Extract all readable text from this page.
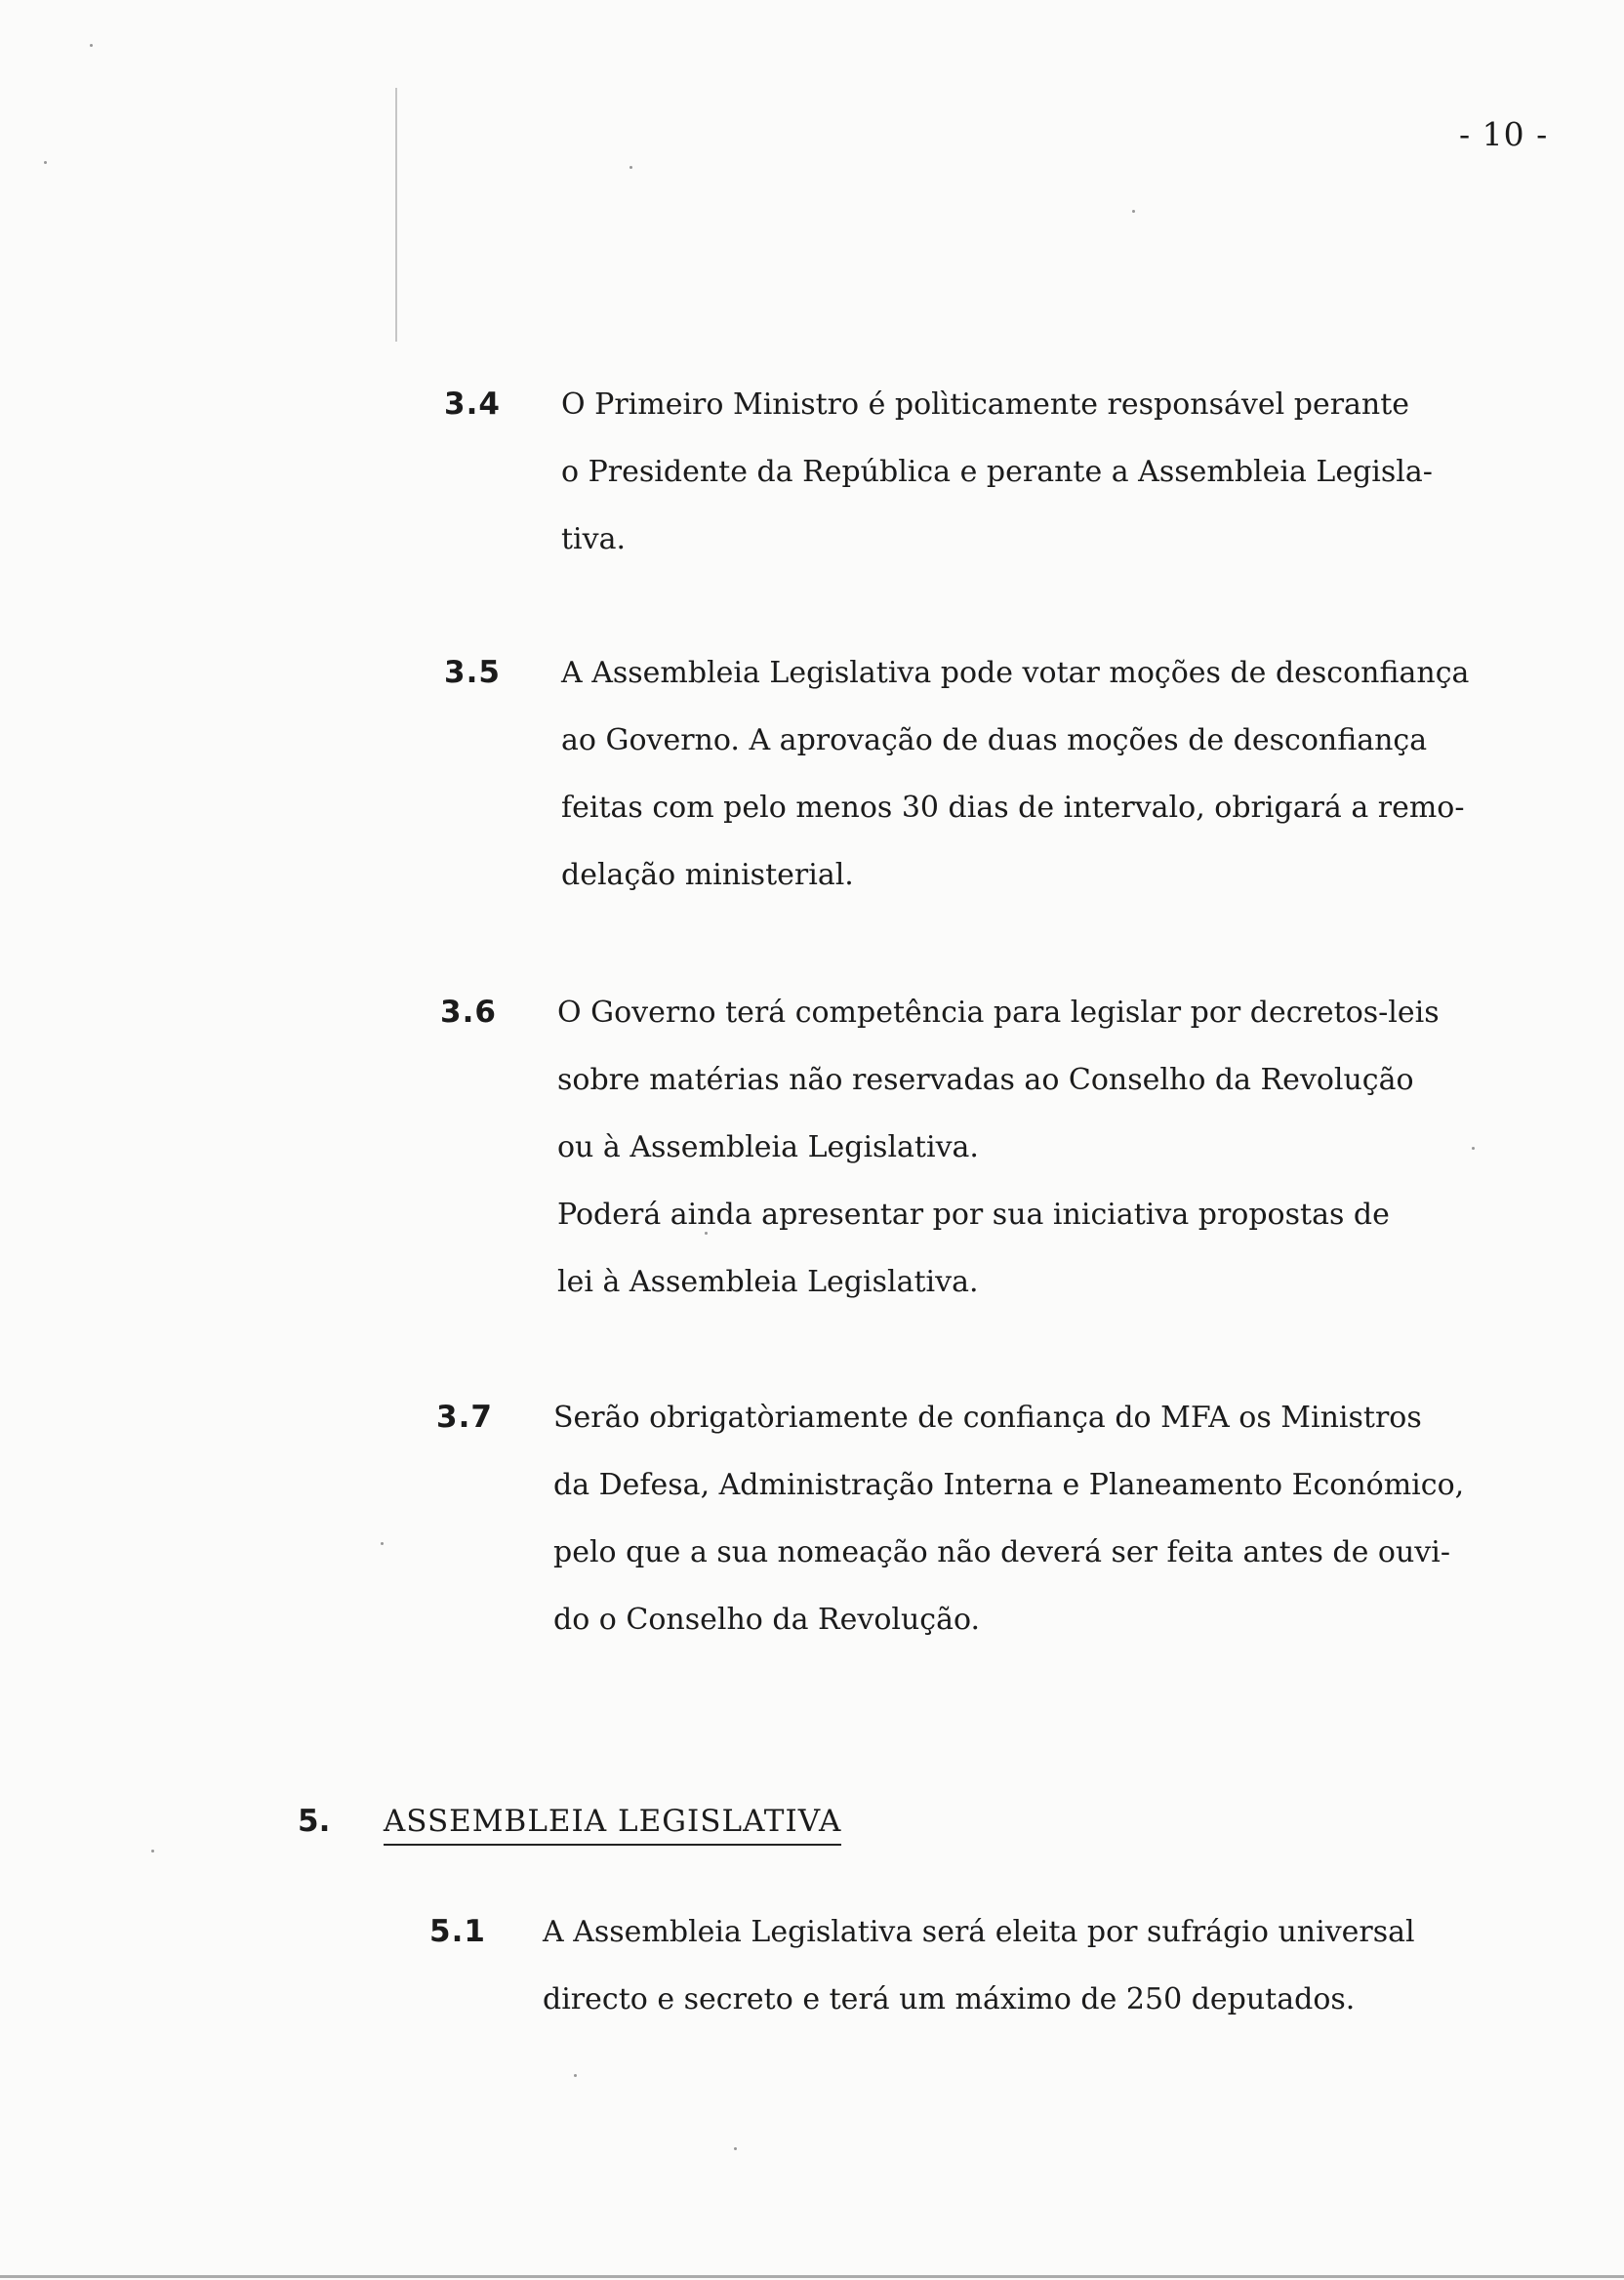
- 10 -
3.4 O Primeiro Ministro é polìticamente responsável perante
o Presidente da República e perante a Assembleia Legisla-
tiva.
3.5 A Assembleia Legislativa pode votar moções de desconfiança
ao Governo. A aprovação de duas moções de desconfiança
feitas com pelo menos 30 dias de intervalo, obrigará a remo-
delação ministerial.
3.6 O Governo terá competência para legislar por decretos-leis
sobre matérias não reservadas ao Conselho da Revolução
ou à Assembleia Legislativa.
Poderá ainda apresentar por sua iniciativa propostas de
lei à Assembleia Legislativa.
3.7 Serão obrigatòriamente de confiança do MFA os Ministros
da Defesa, Administração Interna e Planeamento Económico,
pelo que a sua nomeação não deverá ser feita antes de ouvi-
do o Conselho da Revolução.
5. ASSEMBLEIA LEGISLATIVA
5.1 A Assembleia Legislativa será eleita por sufrágio universal
directo e secreto e terá um máximo de 250 deputados.
